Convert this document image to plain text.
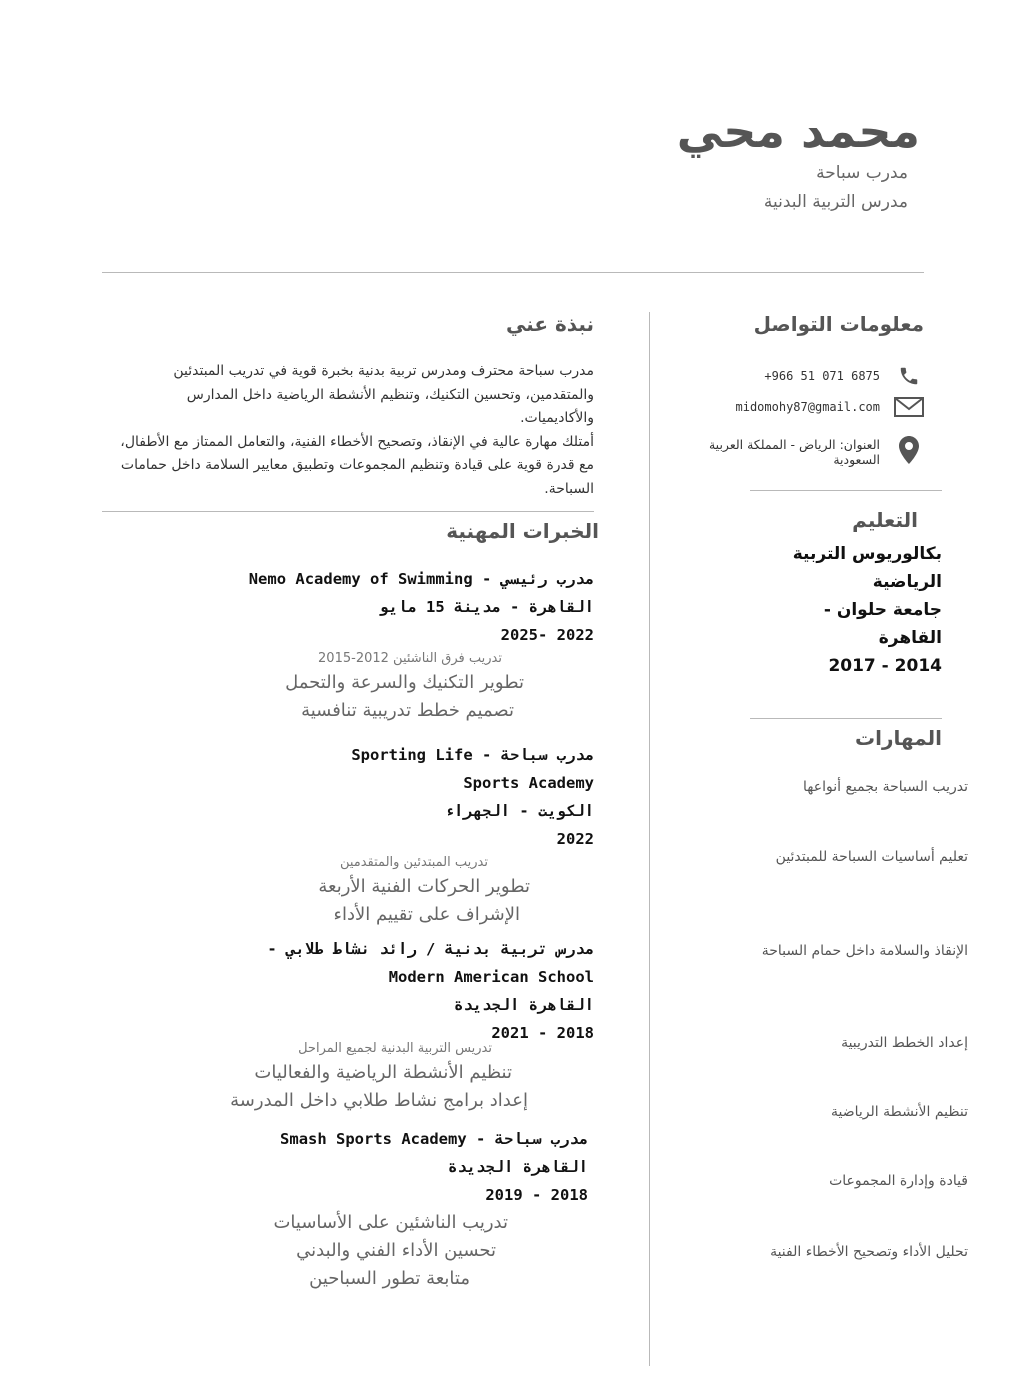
محمد محي
مدرب سباحة
مدرس التربية البدنية
معلومات التواصل
+966 51 071 6875
midomohy87@gmail.com
العنوان: الرياض - المملكة العربية السعودية
التعليم
بكالوريوس التربية
الرياضية
جامعة حلوان -
القاهرة
2014 - 2017
المهارات
تدريب السباحة بجميع أنواعها
تعليم أساسيات السباحة للمبتدئين
الإنقاذ والسلامة داخل حمام السباحة
إعداد الخطط التدريبية
تنظيم الأنشطة الرياضية
قيادة وإدارة المجموعات
تحليل الأداء وتصحيح الأخطاء الفنية
نبذة عني

مدرب سباحة محترف ومدرس تربية بدنية بخبرة قوية في تدريب المبتدئين والمتقدمين، وتحسين التكنيك، وتنظيم الأنشطة الرياضية داخل المدارس والأكاديميات.

أمتلك مهارة عالية في الإنقاذ، وتصحيح الأخطاء الفنية، والتعامل الممتاز مع الأطفال، مع قدرة قوية على قيادة وتنظيم المجموعات وتطبيق معايير السلامة داخل حمامات السباحة.

الخبرات المهنية
مدرب رئيسي - Nemo Academy of Swimming
القاهرة - مدينة 15 مايو
2022 -2025
تدريب فرق الناشئين 2012-2015
تطوير التكنيك والسرعة والتحمل
تصميم خطط تدريبية تنافسية
مدرب سباحة - Sporting Life Sports Academy
الكويت - الجهراء
2022
تدريب المبتدئين والمتقدمين
تطوير الحركات الفنية الأربعة
الإشراف على تقييم الأداء
مدرس تربية بدنية / رائد نشاط طلابي - Modern American School
القاهرة الجديدة
2018 - 2021
تدريس التربية البدنية لجميع المراحل
تنظيم الأنشطة الرياضية والفعاليات
إعداد برامج نشاط طلابي داخل المدرسة
مدرب سباحة - Smash Sports Academy
القاهرة الجديدة
2018 - 2019
تدريب الناشئين على الأساسيات
تحسين الأداء الفني والبدني
متابعة تطور السباحين
